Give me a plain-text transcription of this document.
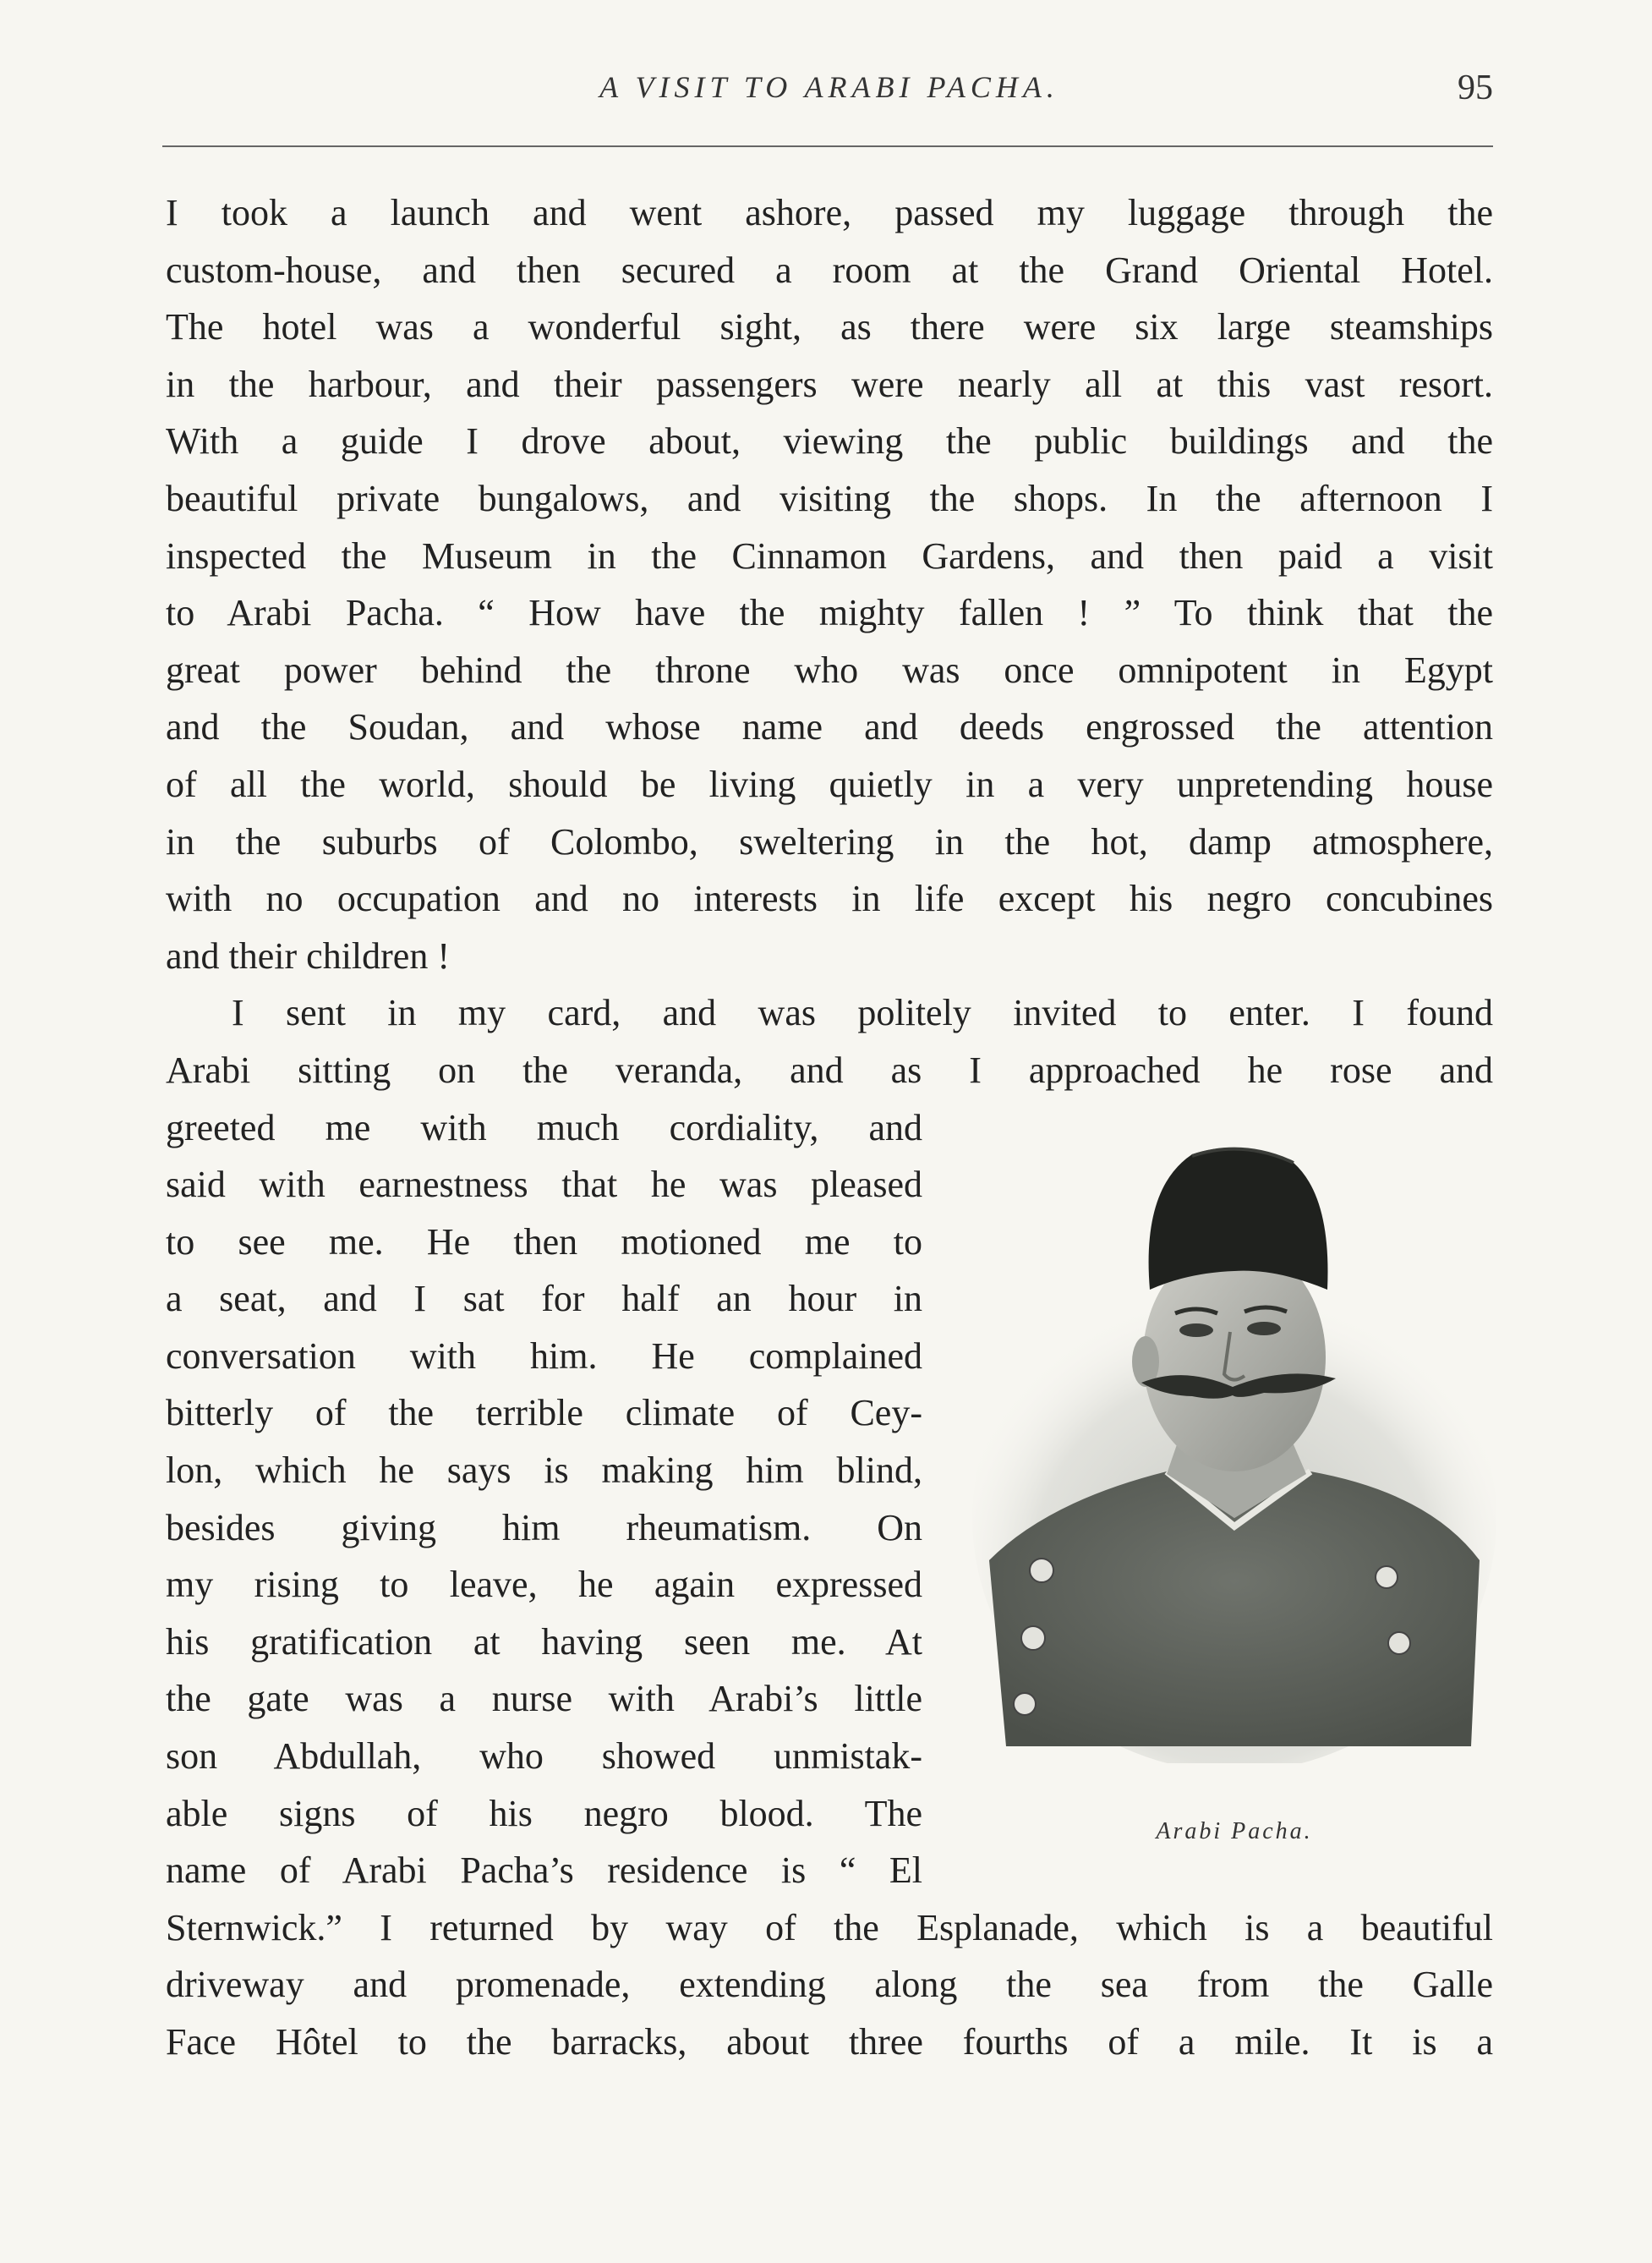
A VISIT TO ARABI PACHA.	95
I took a launch and went ashore, passed my luggage through the
custom-house, and then secured a room at the Grand Oriental Hotel.
The hotel was a wonderful sight, as there were six large steamships
in the harbour, and their passengers were nearly all at this vast resort.
With a guide I drove about, viewing the public buildings and the
beautiful private bungalows, and visiting the shops. In the afternoon I
inspected the Museum in the Cinnamon Gardens, and then paid a visit
to Arabi Pacha. “ How have the mighty fallen ! ” To think that the
great power behind the throne who was once omnipotent in Egypt
and the Soudan, and whose name and deeds engrossed the attention
of all the world, should be living quietly in a very unpretending house
in the suburbs of Colombo, sweltering in the hot, damp atmosphere,
with no occupation and no interests in life except his negro concubines
and their children !
I sent in my card, and was politely invited to enter. I found
Arabi sitting on the veranda, and as I approached he rose and
greeted me with much cordiality, and
said with earnestness that he was pleased
to see me. He then motioned me to
a seat, and I sat for half an hour in
conversation with him. He complained
bitterly of the terrible climate of Cey-
lon, which he says is making him blind,
besides giving him rheumatism. On
my rising to leave, he again expressed
his gratification at having seen me. At
the gate was a nurse with Arabi’s little
son Abdullah, who showed unmistak-
able signs of his negro blood. The
name of Arabi Pacha’s residence is “ El
Sternwick.” I returned by way of the Esplanade, which is a beautiful
driveway and promenade, extending along the sea from the Galle
Face Hôtel to the barracks, about three fourths of a mile. It is a
Arabi Pacha.
